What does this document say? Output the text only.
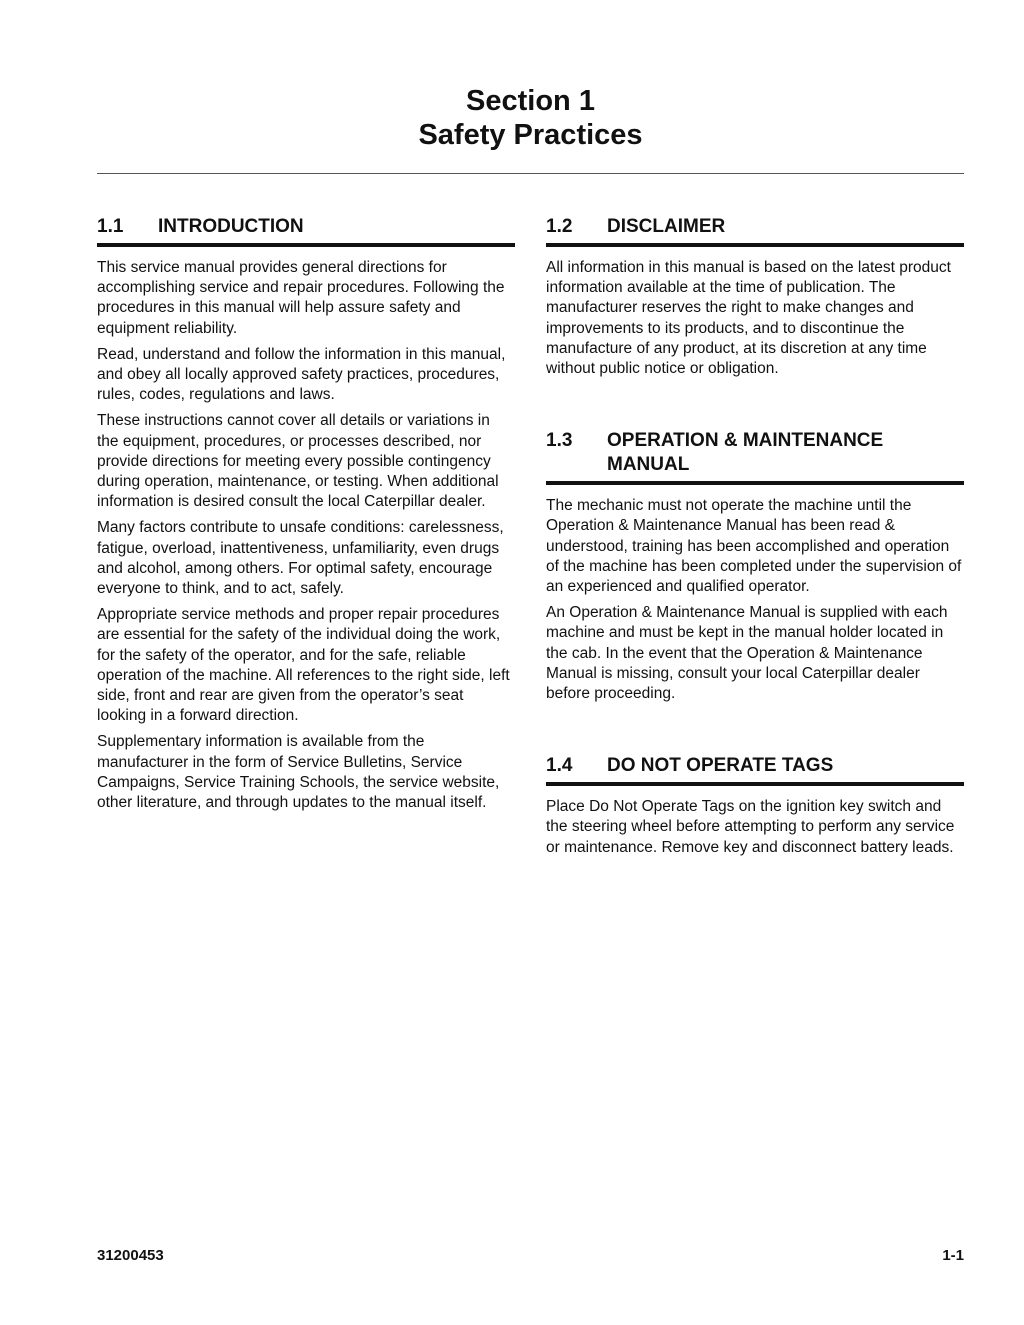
Section 1
Safety Practices
1.1	INTRODUCTION

This service manual provides general directions for accomplishing service and repair procedures. Following the procedures in this manual will help assure safety and equipment reliability.

Read, understand and follow the information in this manual, and obey all locally approved safety practices, procedures, rules, codes, regulations and laws.

These instructions cannot cover all details or variations in the equipment, procedures, or processes described, nor provide directions for meeting every possible contingency during operation, maintenance, or testing. When additional information is desired consult the local Caterpillar dealer.

Many factors contribute to unsafe conditions: carelessness, fatigue, overload, inattentiveness, unfamiliarity, even drugs and alcohol, among others. For optimal safety, encourage everyone to think, and to act, safely.

Appropriate service methods and proper repair procedures are essential for the safety of the individual doing the work, for the safety of the operator, and for the safe, reliable operation of the machine. All references to the right side, left side, front and rear are given from the operator’s seat looking in a forward direction.

Supplementary information is available from the manufacturer in the form of Service Bulletins, Service Campaigns, Service Training Schools, the service website, other literature, and through updates to the manual itself.

1.2	DISCLAIMER

All information in this manual is based on the latest product information available at the time of publication. The manufacturer reserves the right to make changes and improvements to its products, and to discontinue the manufacture of any product, at its discretion at any time without public notice or obligation.

1.3	OPERATION & MAINTENANCE MANUAL

The mechanic must not operate the machine until the Operation & Maintenance Manual has been read & understood, training has been accomplished and operation of the machine has been completed under the supervision of an experienced and qualified operator.

An Operation & Maintenance Manual is supplied with each machine and must be kept in the manual holder located in the cab. In the event that the Operation & Maintenance Manual is missing, consult your local Caterpillar dealer before proceeding.

1.4	DO NOT OPERATE TAGS

Place Do Not Operate Tags on the ignition key switch and the steering wheel before attempting to perform any service or maintenance. Remove key and disconnect battery leads.

31200453	1-1
